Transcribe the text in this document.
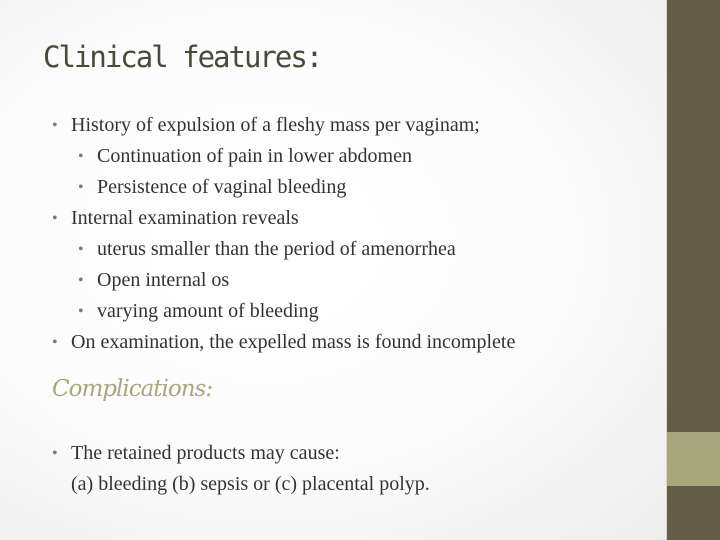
Clinical features:
• History of expulsion of a fleshy mass per vaginam;
• Continuation of pain in lower abdomen
• Persistence of vaginal bleeding
• Internal examination reveals
• uterus smaller than the period of amenorrhea
• Open internal os
• varying amount of bleeding
• On examination, the expelled mass is found incomplete
Complications:
• The retained products may cause:
(a) bleeding (b) sepsis or (c) placental polyp.
